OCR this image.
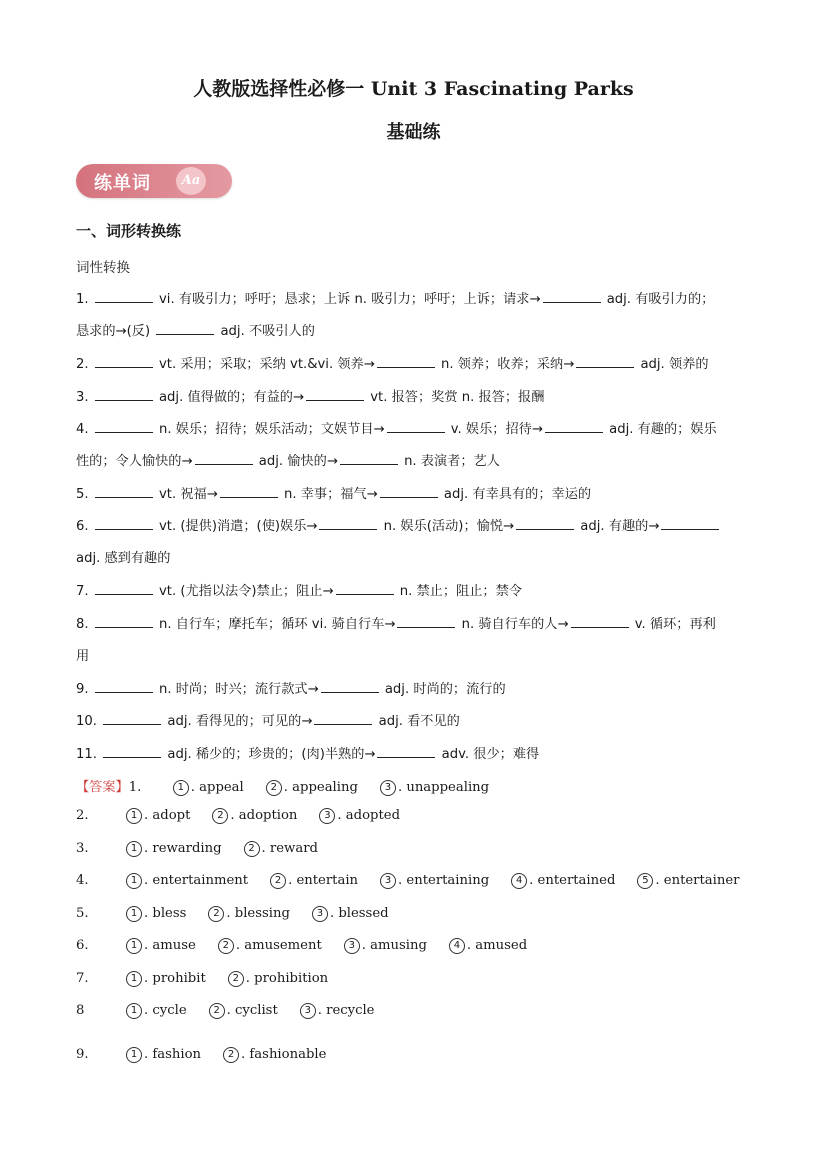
人教版选择性必修一 Unit 3 Fascinating Parks
基础练
练单词	Aa
一、词形转换练
词性转换
1.	vi. 有吸引力；呼吁；恳求；上诉 n. 吸引力；呼吁；上诉；请求→	adj. 有吸引力的；
恳求的→(反)	adj. 不吸引人的
2.	vt. 采用；采取；采纳 vt.&vi. 领养→	n. 领养；收养；采纳→	adj. 领养的
3.	adj. 值得做的；有益的→	vt. 报答；奖赏 n. 报答；报酬
4.	n. 娱乐；招待；娱乐活动；文娱节目→	v. 娱乐；招待→	adj. 有趣的；娱乐
性的；令人愉快的→	adj. 愉快的→	n. 表演者；艺人
5.	vt. 祝福→	n. 幸事；福气→	adj. 有幸具有的；幸运的
6.	vt. (提供)消遣；(使)娱乐→	n. 娱乐(活动)；愉悦→	adj. 有趣的→
adj. 感到有趣的
7.	vt. (尤指以法令)禁止；阻止→	n. 禁止；阻止；禁令
8.	n. 自行车；摩托车；循环 vi. 骑自行车→	n. 骑自行车的人→	v. 循环；再利
用
9.	n. 时尚；时兴；流行款式→	adj. 时尚的；流行的
10.	adj. 看得见的；可见的→	adj. 看不见的
11.	adj. 稀少的；珍贵的；(肉)半熟的→	adv. 很少；难得
【答案】1.	1 . appeal	2 . appealing	3 . unappealing
2.	1 . adopt	2 . adoption	3 . adopted
3.	1 . rewarding	2 . reward
4.	1 . entertainment	2 . entertain	3 . entertaining	4 . entertained	5 . entertainer
5.	1 . bless	2 . blessing	3 . blessed
6.	1 . amuse	2 . amusement	3 . amusing	4 . amused
7.	1 . prohibit	2 . prohibition
8	1 . cycle	2 . cyclist	3 . recycle
9.	1 . fashion	2 . fashionable
